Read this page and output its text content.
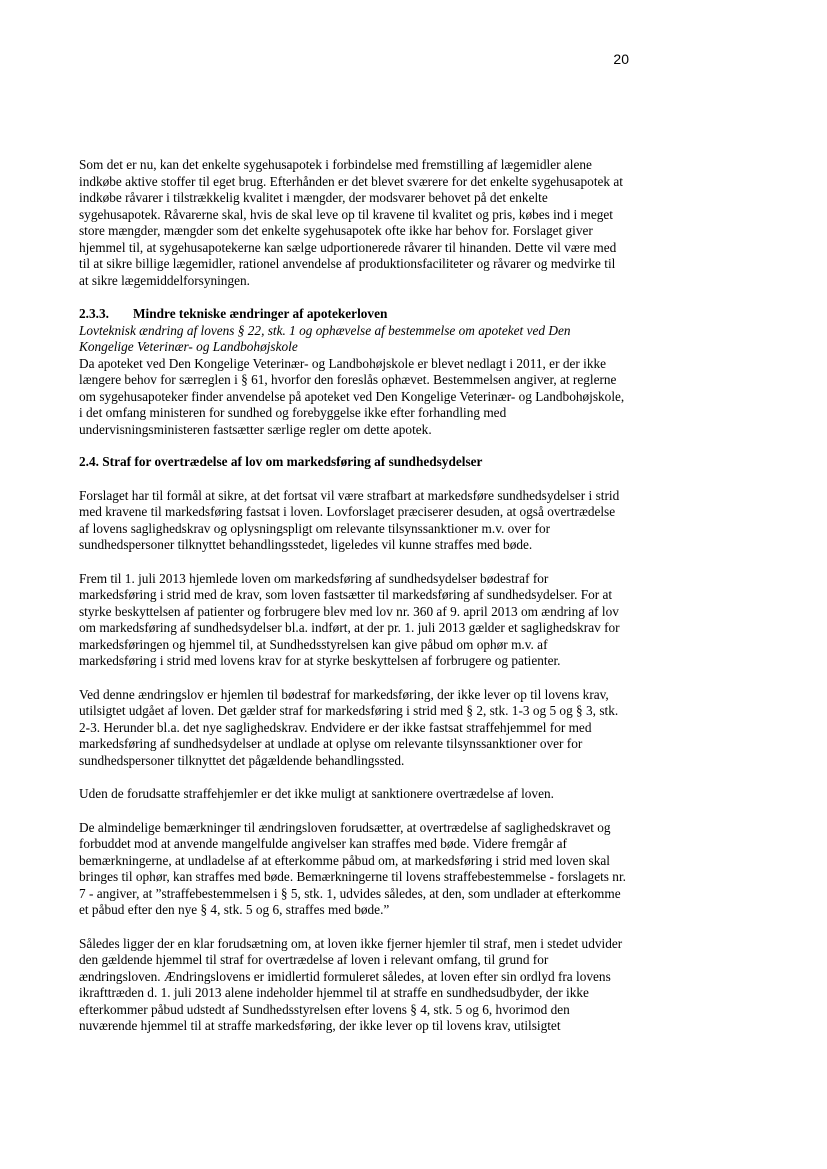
20

Som det er nu, kan det enkelte sygehusapotek i forbindelse med fremstilling af lægemidler alene indkøbe aktive stoffer til eget brug. Efterhånden er det blevet sværere for det enkelte sygehusapotek at indkøbe råvarer i tilstrækkelig kvalitet i mængder, der modsvarer behovet på det enkelte sygehusapotek. Råvarerne skal, hvis de skal leve op til kravene til kvalitet og pris, købes ind i meget store mængder, mængder som det enkelte sygehusapotek ofte ikke har behov for. Forslaget giver hjemmel til, at sygehusapotekerne kan sælge udportionerede råvarer til hinanden. Dette vil være med til at sikre billige lægemidler, rationel anvendelse af produktionsfaciliteter og råvarer og medvirke til at sikre lægemiddelforsyningen.

2.3.3. Mindre tekniske ændringer af apotekerloven

Lovteknisk ændring af lovens § 22, stk. 1 og ophævelse af bestemmelse om apoteket ved Den Kongelige Veterinær- og Landbohøjskole

Da apoteket ved Den Kongelige Veterinær- og Landbohøjskole er blevet nedlagt i 2011, er der ikke længere behov for særreglen i § 61, hvorfor den foreslås ophævet. Bestemmelsen angiver, at reglerne om sygehusapoteker finder anvendelse på apoteket ved Den Kongelige Veterinær- og Landbohøjskole, i det omfang ministeren for sundhed og forebyggelse ikke efter forhandling med undervisningsministeren fastsætter særlige regler om dette apotek.

2.4. Straf for overtrædelse af lov om markedsføring af sundhedsydelser

Forslaget har til formål at sikre, at det fortsat vil være strafbart at markedsføre sundhedsydelser i strid med kravene til markedsføring fastsat i loven. Lovforslaget præciserer desuden, at også overtrædelse af lovens saglighedskrav og oplysningspligt om relevante tilsynssanktioner m.v. over for sundhedspersoner tilknyttet behandlingsstedet, ligeledes vil kunne straffes med bøde.

Frem til 1. juli 2013 hjemlede loven om markedsføring af sundhedsydelser bødestraf for markedsføring i strid med de krav, som loven fastsætter til markedsføring af sundhedsydelser. For at styrke beskyttelsen af patienter og forbrugere blev med lov nr. 360 af 9. april 2013 om ændring af lov om markedsføring af sundhedsydelser bl.a. indført, at der pr. 1. juli 2013 gælder et saglighedskrav for markedsføringen og hjemmel til, at Sundhedsstyrelsen kan give påbud om ophør m.v. af markedsføring i strid med lovens krav for at styrke beskyttelsen af forbrugere og patienter.

Ved denne ændringslov er hjemlen til bødestraf for markedsføring, der ikke lever op til lovens krav, utilsigtet udgået af loven. Det gælder straf for markedsføring i strid med § 2, stk. 1-3 og 5 og § 3, stk. 2-3. Herunder bl.a. det nye saglighedskrav. Endvidere er der ikke fastsat straffehjemmel for med markedsføring af sundhedsydelser at undlade at oplyse om relevante tilsynssanktioner over for sundhedspersoner tilknyttet det pågældende behandlingssted.

Uden de forudsatte straffehjemler er det ikke muligt at sanktionere overtrædelse af loven.

De almindelige bemærkninger til ændringsloven forudsætter, at overtrædelse af saglighedskravet og forbuddet mod at anvende mangelfulde angivelser kan straffes med bøde. Videre fremgår af bemærkningerne, at undladelse af at efterkomme påbud om, at markedsføring i strid med loven skal bringes til ophør, kan straffes med bøde. Bemærkningerne til lovens straffebestemmelse - forslagets nr. 7 - angiver, at ”straffebestemmelsen i § 5, stk. 1, udvides således, at den, som undlader at efterkomme et påbud efter den nye § 4, stk. 5 og 6, straffes med bøde.”

Således ligger der en klar forudsætning om, at loven ikke fjerner hjemler til straf, men i stedet udvider den gældende hjemmel til straf for overtrædelse af loven i relevant omfang, til grund for ændringsloven. Ændringslovens er imidlertid formuleret således, at loven efter sin ordlyd fra lovens ikrafttræden d. 1. juli 2013 alene indeholder hjemmel til at straffe en sundhedsudbyder, der ikke efterkommer påbud udstedt af Sundhedsstyrelsen efter lovens § 4, stk. 5 og 6, hvorimod den nuværende hjemmel til at straffe markedsføring, der ikke lever op til lovens krav, utilsigtet
